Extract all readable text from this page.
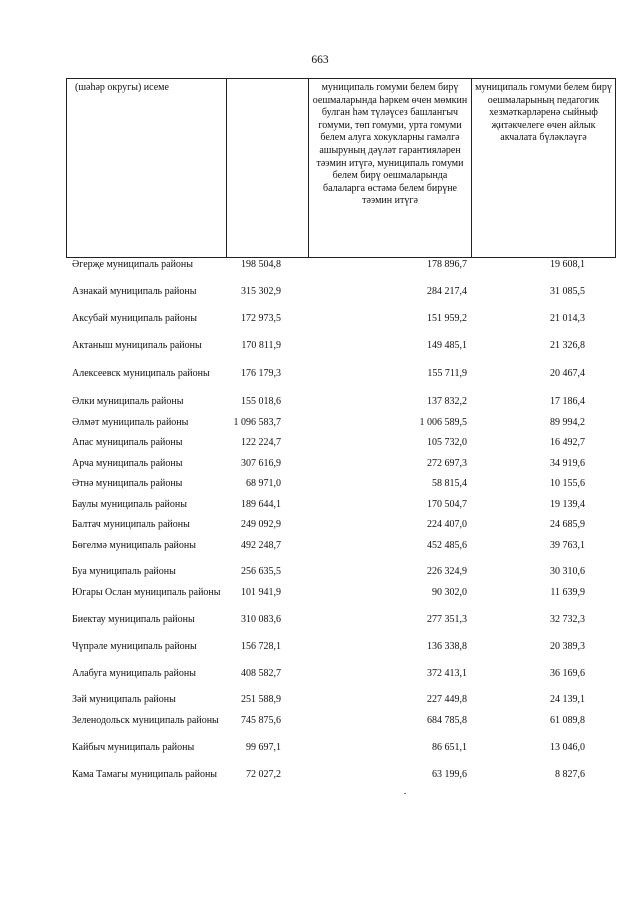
663
(шәһәр округы) исеме		муниципаль гомуми белем бирү оешмаларында һәркем өчен мөмкин булган һәм түләүсез башлангыч гомуми, төп гомуми, урта гомуми белем алуга хокукларны гамәлгә ашыруның дәүләт гарантияләрен тәэмин итүгә, муниципаль гомуми белем бирү оешмаларында балаларга өстәмә белем бирүне тәэмин итүгә	муниципаль гомуми белем бирү оешмаларының педагогик хезмәткәрләренә сыйныф җитәкчелеге өчен айлык акчалата бүләкләүгә
Әгерҗе муниципаль районы	198 504,8	178 896,7	19 608,1
Азнакай муниципаль районы	315 302,9	284 217,4	31 085,5
Аксубай муниципаль районы	172 973,5	151 959,2	21 014,3
Актаныш муниципаль районы	170 811,9	149 485,1	21 326,8
Алексеевск муниципаль районы	176 179,3	155 711,9	20 467,4
Әлки муниципаль районы	155 018,6	137 832,2	17 186,4
Әлмәт муниципаль районы	1 096 583,7	1 006 589,5	89 994,2
Апас муниципаль районы	122 224,7	105 732,0	16 492,7
Арча муниципаль районы	307 616,9	272 697,3	34 919,6
Әтнә муниципаль районы	68 971,0	58 815,4	10 155,6
Баулы муниципаль районы	189 644,1	170 504,7	19 139,4
Балтач муниципаль районы	249 092,9	224 407,0	24 685,9
Бөгелмә муниципаль районы	492 248,7	452 485,6	39 763,1
Буа муниципаль районы	256 635,5	226 324,9	30 310,6
Югары Ослан муниципаль районы 101 941,9	90 302,0	11 639,9
Биектау муниципаль районы	310 083,6	277 351,3	32 732,3
Чүпрәле муниципаль районы	156 728,1	136 338,8	20 389,3
Алабуга муниципаль районы	408 582,7	372 413,1	36 169,6
Зәй муниципаль районы	251 588,9	227 449,8	24 139,1
Зеленодольск муниципаль районы	745 875,6	684 785,8	61 089,8
Кайбыч муниципаль районы	99 697,1	86 651,1	13 046,0
Кама Тамагы муниципаль районы	72 027,2	63 199,6	8 827,6
